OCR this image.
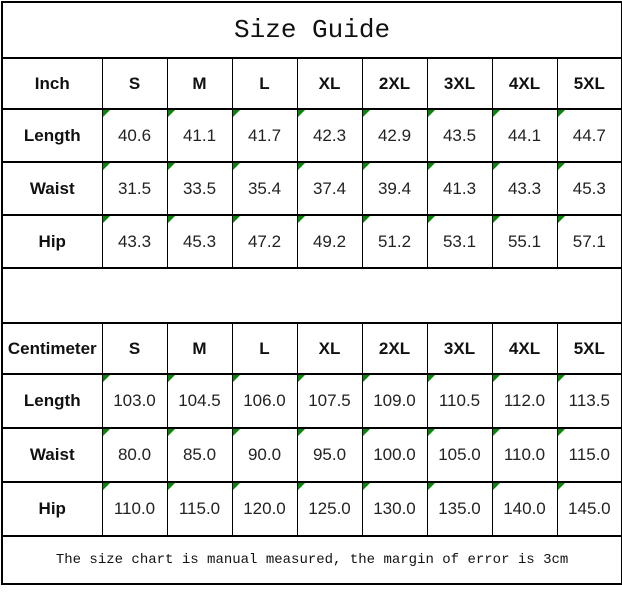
Size Guide								
Inch	S	M	L	XL	2XL	3XL	4XL	5XL
Length	40.6	41.1	41.7	42.3	42.9	43.5	44.1	44.7
Waist	31.5	33.5	35.4	37.4	39.4	41.3	43.3	45.3
Hip	43.3	45.3	47.2	49.2	51.2	53.1	55.1	57.1

Centimeter	S	M	L	XL	2XL	3XL	4XL	5XL
Length	103.0	104.5	106.0	107.5	109.0	110.5	112.0	113.5
Waist	80.0	85.0	90.0	95.0	100.0	105.0	110.0	115.0
Hip	110.0	115.0	120.0	125.0	130.0	135.0	140.0	145.0
The size chart is manual measured, the margin of error is 3cm								
